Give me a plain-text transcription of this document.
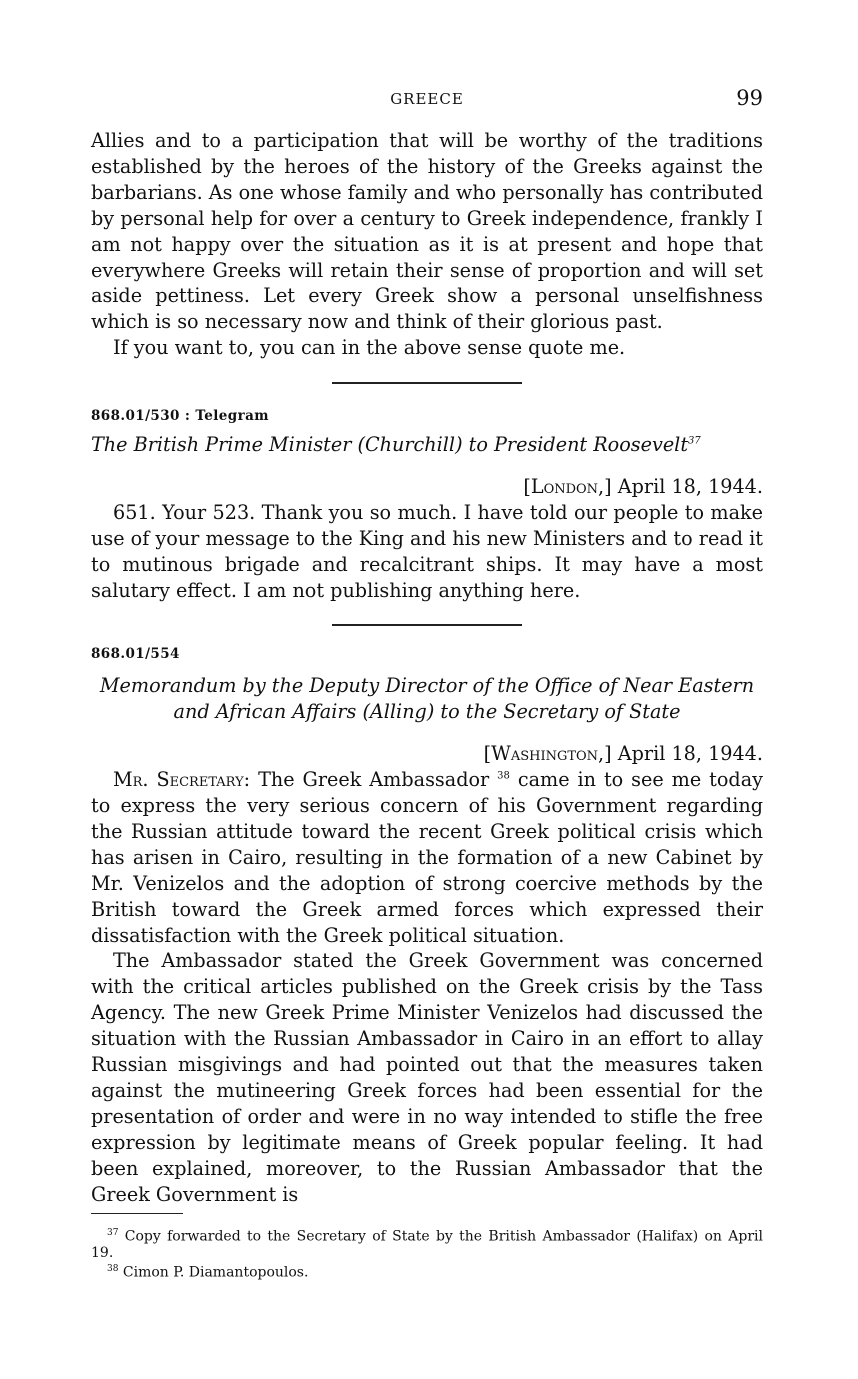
GREECE	99

Allies and to a participation that will be worthy of the traditions established by the heroes of the history of the Greeks against the barbarians. As one whose family and who personally has contributed by personal help for over a century to Greek independence, frankly I am not happy over the situation as it is at present and hope that everywhere Greeks will retain their sense of proportion and will set aside pettiness. Let every Greek show a personal unselfishness which is so necessary now and think of their glorious past.

If you want to, you can in the above sense quote me.

868.01/530 : Telegram
The British Prime Minister (Churchill) to President Roosevelt$^{37}$
[London,] April 18, 1944.

651. Your 523. Thank you so much. I have told our people to make use of your message to the King and his new Ministers and to read it to mutinous brigade and recalcitrant ships. It may have a most salutary effect. I am not publishing anything here.

868.01/554
Memorandum by the Deputy Director of the Office of Near Eastern
and African Affairs (Alling) to the Secretary of State
[Washington,] April 18, 1944.

Mr. Secretary: The Greek Ambassador $^{38}$ came in to see me today to express the very serious concern of his Government regarding the Russian attitude toward the recent Greek political crisis which has arisen in Cairo, resulting in the formation of a new Cabinet by Mr. Venizelos and the adoption of strong coercive methods by the British toward the Greek armed forces which expressed their dissatisfaction with the Greek political situation.

The Ambassador stated the Greek Government was concerned with the critical articles published on the Greek crisis by the Tass Agency. The new Greek Prime Minister Venizelos had discussed the situation with the Russian Ambassador in Cairo in an effort to allay Russian misgivings and had pointed out that the measures taken against the mutineering Greek forces had been essential for the presentation of order and were in no way intended to stifle the free expression by legitimate means of Greek popular feeling. It had been explained, moreover, to the Russian Ambassador that the Greek Government is

$^{37}$ Copy forwarded to the Secretary of State by the British Ambassador (Halifax) on April 19.

$^{38}$ Cimon P. Diamantopoulos.
